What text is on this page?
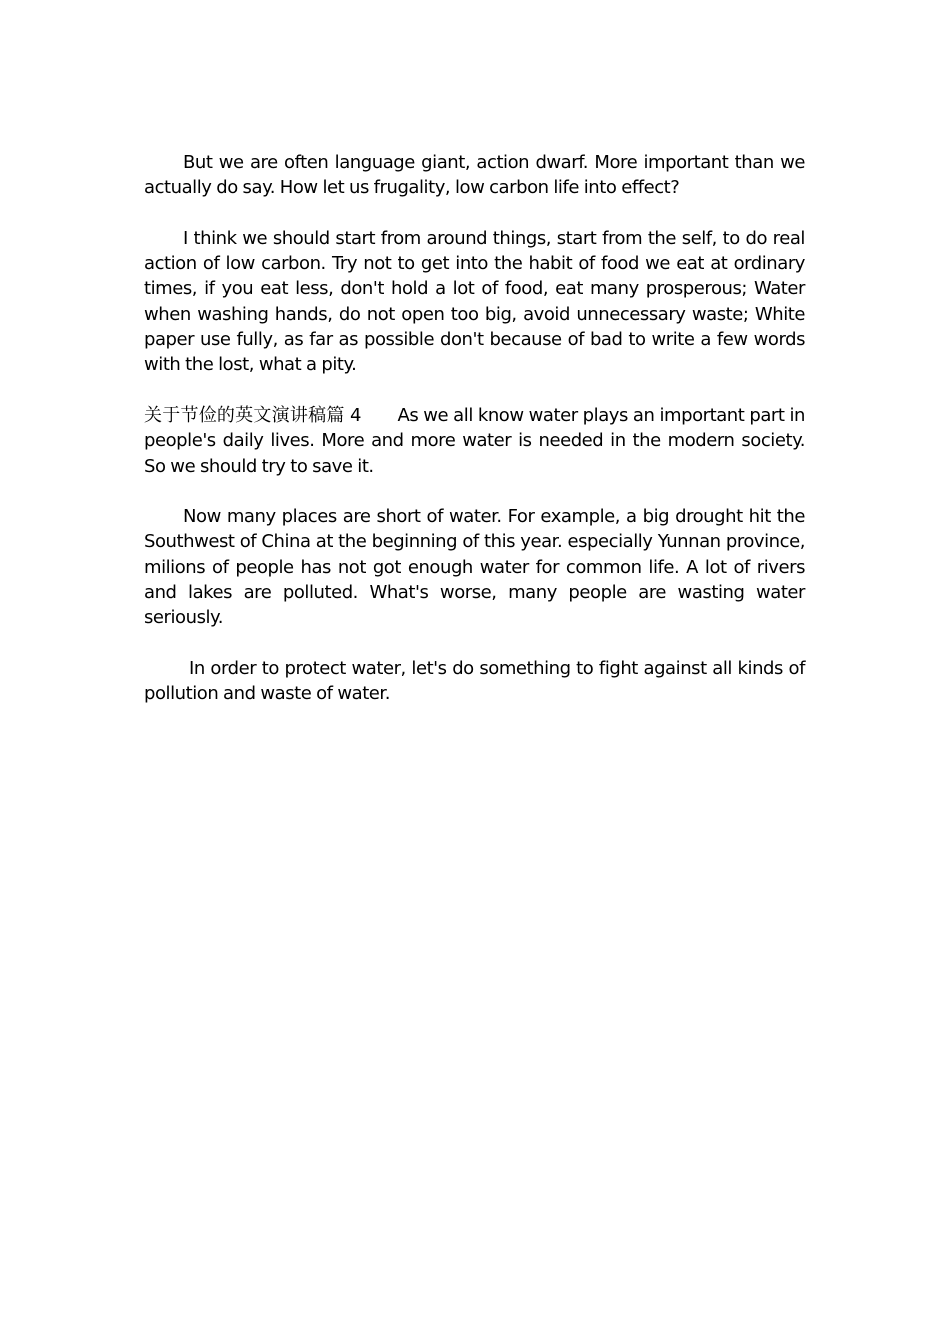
But we are often language giant, action dwarf. More important than we actually do say. How let us frugality, low carbon life into effect?

I think we should start from around things, start from the self, to do real action of low carbon. Try not to get into the habit of food we eat at ordinary times, if you eat less, don't hold a lot of food, eat many prosperous; Water when washing hands, do not open too big, avoid unnecessary waste; White paper use fully, as far as possible don't because of bad to write a few words with the lost, what a pity.

关于节俭的英文演讲稿篇 4 As we all know water plays an important part in people's daily lives. More and more water is needed in the modern society. So we should try to save it.

Now many places are short of water. For example, a big drought hit the Southwest of China at the beginning of this year. especially Yunnan province, milions of people has not got enough water for common life. A lot of rivers and lakes are polluted. What's worse, many people are wasting water seriously.

In order to protect water, let's do something to fight against all kinds of pollution and waste of water.
